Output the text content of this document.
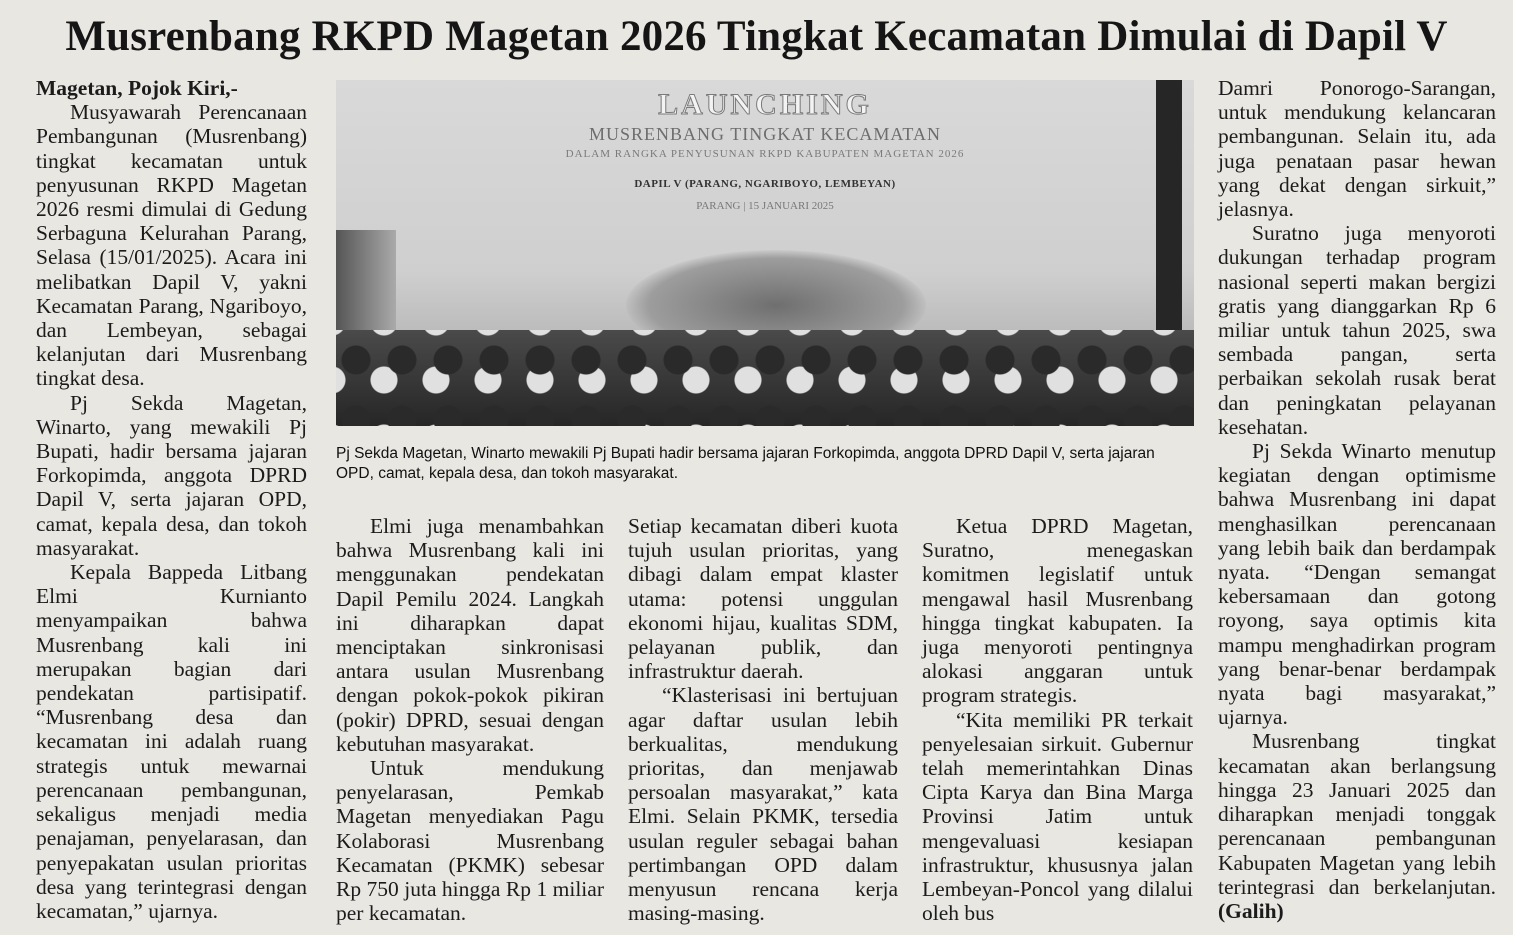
Musrenbang RKPD Magetan 2026 Tingkat Kecamatan Dimulai di Dapil V

Magetan, Pojok Kiri,-

Musyawarah Perencanaan Pembangunan (Musrenbang) tingkat kecamatan untuk penyusunan RKPD Magetan 2026 resmi dimulai di Gedung Serbaguna Kelurahan Parang, Selasa (15/01/2025). Acara ini melibatkan Dapil V, yakni Kecamatan Parang, Ngariboyo, dan Lembeyan, sebagai kelanjutan dari Musrenbang tingkat desa.

Pj Sekda Magetan, Winarto, yang mewakili Pj Bupati, hadir bersama jajaran Forkopimda, anggota DPRD Dapil V, serta jajaran OPD, camat, kepala desa, dan tokoh masyarakat.

Kepala Bappeda Litbang Elmi Kurnianto menyampaikan bahwa Musrenbang kali ini merupakan bagian dari pendekatan partisipatif. “Musrenbang desa dan kecamatan ini adalah ruang strategis untuk mewarnai perencanaan pembangunan, sekaligus menjadi media penajaman, penyelarasan, dan penyepakatan usulan prioritas desa yang terintegrasi dengan kecamatan,” ujarnya.

LAUNCHING
MUSRENBANG TINGKAT KECAMATAN
DALAM RANGKA PENYUSUNAN RKPD KABUPATEN MAGETAN 2026
DAPIL V (PARANG, NGARIBOYO, LEMBEYAN)
PARANG | 15 JANUARI 2025
Pj Sekda Magetan, Winarto mewakili Pj Bupati hadir bersama jajaran Forkopimda, anggota DPRD Dapil V, serta jajaran OPD, camat, kepala desa, dan tokoh masyarakat.

Elmi juga menambahkan bahwa Musrenbang kali ini menggunakan pendekatan Dapil Pemilu 2024. Langkah ini diharapkan dapat menciptakan sinkronisasi antara usulan Musrenbang dengan pokok-pokok pikiran (pokir) DPRD, sesuai dengan kebutuhan masyarakat.

Untuk mendukung penyelarasan, Pemkab Magetan menyediakan Pagu Kolaborasi Musrenbang Kecamatan (PKMK) sebesar Rp 750 juta hingga Rp 1 miliar per kecamatan.

Setiap kecamatan diberi kuota tujuh usulan prioritas, yang dibagi dalam empat klaster utama: potensi unggulan ekonomi hijau, kualitas SDM, pelayanan publik, dan infrastruktur daerah.

“Klasterisasi ini bertujuan agar daftar usulan lebih berkualitas, mendukung prioritas, dan menjawab persoalan masyarakat,” kata Elmi. Selain PKMK, tersedia usulan reguler sebagai bahan pertimbangan OPD dalam menyusun rencana kerja masing-masing.

Ketua DPRD Magetan, Suratno, menegaskan komitmen legislatif untuk mengawal hasil Musrenbang hingga tingkat kabupaten. Ia juga menyoroti pentingnya alokasi anggaran untuk program strategis.

“Kita memiliki PR terkait penyelesaian sirkuit. Gubernur telah memerintahkan Dinas Cipta Karya dan Bina Marga Provinsi Jatim untuk mengevaluasi kesiapan infrastruktur, khususnya jalan Lembeyan-Poncol yang dilalui oleh bus

Damri Ponorogo-Sarangan, untuk mendukung kelancaran pembangunan. Selain itu, ada juga penataan pasar hewan yang dekat dengan sirkuit,” jelasnya.

Suratno juga menyoroti dukungan terhadap program nasional seperti makan bergizi gratis yang dianggarkan Rp 6 miliar untuk tahun 2025, swa sembada pangan, serta perbaikan sekolah rusak berat dan peningkatan pelayanan kesehatan.

Pj Sekda Winarto menutup kegiatan dengan optimisme bahwa Musrenbang ini dapat menghasilkan perencanaan yang lebih baik dan berdampak nyata. “Dengan semangat kebersamaan dan gotong royong, saya optimis kita mampu menghadirkan program yang benar-benar berdampak nyata bagi masyarakat,” ujarnya.

Musrenbang tingkat kecamatan akan berlangsung hingga 23 Januari 2025 dan diharapkan menjadi tonggak perencanaan pembangunan Kabupaten Magetan yang lebih terintegrasi dan berkelanjutan. (Galih)
